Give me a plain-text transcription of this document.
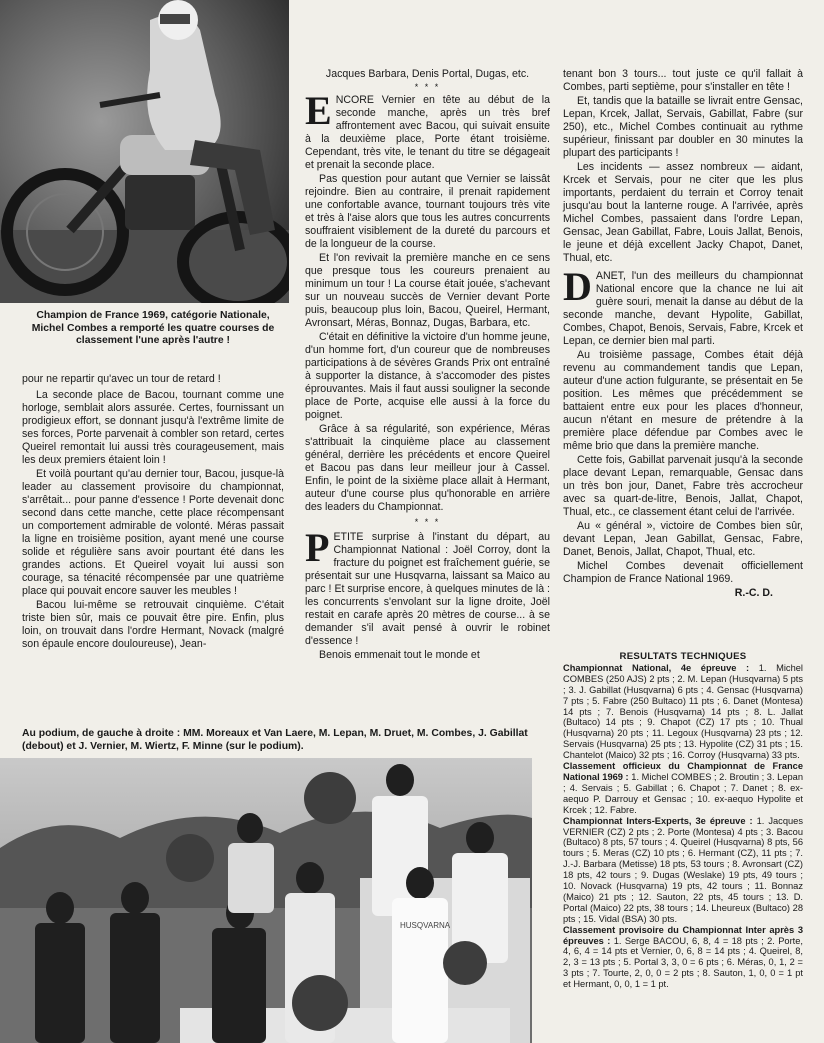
Champion de France 1969, catégorie Nationale, Michel Combes a remporté les quatre courses de classement l'une après l'autre !

pour ne repartir qu'avec un tour de retard !

La seconde place de Bacou, tournant comme une horloge, semblait alors assurée. Certes, fournissant un prodigieux effort, se donnant jusqu'à l'extrême limite de ses forces, Porte parvenait à combler son retard, certes Queirel remontait lui aussi très courageusement, mais les deux premiers étaient loin !

Et voilà pourtant qu'au dernier tour, Bacou, jusque-là leader au classement provisoire du championnat, s'arrêtait... pour panne d'essence ! Porte devenait donc second dans cette manche, cette place récompensant un comportement admirable de volonté. Méras passait la ligne en troisième position, ayant mené une course solide et régulière sans avoir pourtant été dans les grandes actions. Et Queirel voyait lui aussi son courage, sa ténacité récompensée par une quatrième place qui pouvait encore sauver les meubles !

Bacou lui-même se retrouvait cinquième. C'était triste bien sûr, mais ce pouvait être pire. Enfin, plus loin, on trouvait dans l'ordre Hermant, Novack (malgré son épaule encore douloureuse), Jean-

Jacques Barbara, Denis Portal, Dugas, etc.

* * *

E NCORE Vernier en tête au début de la seconde manche, après un très bref affrontement avec Bacou, qui suivait ensuite à la deuxième place, Porte étant troisième. Cependant, très vite, le tenant du titre se dégageait et prenait la seconde place.

Pas question pour autant que Vernier se laissât rejoindre. Bien au contraire, il prenait rapidement une confortable avance, tournant toujours très vite et très à l'aise alors que tous les autres concurrents souffraient visiblement de la dureté du parcours et de la longueur de la course.

Et l'on revivait la première manche en ce sens que presque tous les coureurs prenaient au minimum un tour ! La course était jouée, s'achevant sur un nouveau succès de Vernier devant Porte puis, beaucoup plus loin, Bacou, Queirel, Hermant, Avronsart, Méras, Bonnaz, Dugas, Barbara, etc.

C'était en définitive la victoire d'un homme jeune, d'un homme fort, d'un coureur que de nombreuses participations à de sévères Grands Prix ont entraîné à supporter la distance, à s'accomoder des pistes éprouvantes. Mais il faut aussi souligner la seconde place de Porte, acquise elle aussi à la force du poignet.

Grâce à sa régularité, son expérience, Méras s'attribuait la cinquième place au classement général, derrière les précédents et encore Queirel et Bacou pas dans leur meilleur jour à Cassel. Enfin, le point de la sixième place allait à Hermant, auteur d'une course plus qu'honorable en arrière des leaders du Championnat.

* * *

P ETITE surprise à l'instant du départ, au Championnat National : Joël Corroy, dont la fracture du poignet est fraîchement guérie, se présentait sur une Husqvarna, laissant sa Maico au parc ! Et surprise encore, à quelques minutes de là : les concurrents s'envolant sur la ligne droite, Joël restait en carafe après 20 mètres de course... à se demander s'il avait pensé à ouvrir le robinet d'essence !

Benois emmenait tout le monde et

tenant bon 3 tours... tout juste ce qu'il fallait à Combes, parti septième, pour s'installer en tête !

Et, tandis que la bataille se livrait entre Gensac, Lepan, Krcek, Jallat, Servais, Gabillat, Fabre (sur 250), etc., Michel Combes continuait au rythme supérieur, finissant par doubler en 30 minutes la plupart des participants !

Les incidents — assez nombreux — aidant, Krcek et Servais, pour ne citer que les plus importants, perdaient du terrain et Corroy tenait jusqu'au bout la lanterne rouge. A l'arrivée, après Michel Combes, passaient dans l'ordre Lepan, Gensac, Jean Gabillat, Fabre, Louis Jallat, Benois, le jeune et déjà excellent Jacky Chapot, Danet, Thual, etc.

D ANET, l'un des meilleurs du championnat National encore que la chance ne lui ait guère souri, menait la danse au début de la seconde manche, devant Hypolite, Gabillat, Combes, Chapot, Benois, Servais, Fabre, Krcek et Lepan, ce dernier bien mal parti.

Au troisième passage, Combes était déjà revenu au commandement tandis que Lepan, auteur d'une action fulgurante, se présentait en 5e position. Les mêmes que précédemment se battaient entre eux pour les places d'honneur, aucun n'étant en mesure de prétendre à la première place défendue par Combes avec le même brio que dans la première manche.

Cette fois, Gabillat parvenait jusqu'à la seconde place devant Lepan, remarquable, Gensac dans un très bon jour, Danet, Fabre très accrocheur avec sa quart-de-litre, Benois, Jallat, Chapot, Thual, etc., ce classement étant celui de l'arrivée.

Au « général », victoire de Combes bien sûr, devant Lepan, Jean Gabillat, Gensac, Fabre, Danet, Benois, Jallat, Chapot, Thual, etc.

Michel Combes devenait officiellement Champion de France National 1969.

R.-C. D.
RESULTATS TECHNIQUES

Championnat National, 4e épreuve : 1. Michel COMBES (250 AJS) 2 pts ; 2. M. Lepan (Husqvarna) 5 pts ; 3. J. Gabillat (Husqvarna) 6 pts ; 4. Gensac (Husqvarna) 7 pts ; 5. Fabre (250 Bultaco) 11 pts ; 6. Danet (Montesa) 14 pts ; 7. Benois (Husqvarna) 14 pts ; 8. L. Jallat (Bultaco) 14 pts ; 9. Chapot (CZ) 17 pts ; 10. Thual (Husqvarna) 20 pts ; 11. Legoux (Husqvarna) 23 pts ; 12. Servais (Husqvarna) 25 pts ; 13. Hypolite (CZ) 31 pts ; 15. Chantelot (Maico) 32 pts ; 16. Corroy (Husqvarna) 33 pts.

Classement officieux du Championnat de France National 1969 : 1. Michel COMBES ; 2. Broutin ; 3. Lepan ; 4. Servais ; 5. Gabillat ; 6. Chapot ; 7. Danet ; 8. ex-aequo P. Darrouy et Gensac ; 10. ex-aequo Hypolite et Krcek ; 12. Fabre.

Championnat Inters-Experts, 3e épreuve : 1. Jacques VERNIER (CZ) 2 pts ; 2. Porte (Montesa) 4 pts ; 3. Bacou (Bultaco) 8 pts, 57 tours ; 4. Queirel (Husqvarna) 8 pts, 56 tours ; 5. Meras (CZ) 10 pts ; 6. Hermant (CZ), 11 pts ; 7. J.-J. Barbara (Metisse) 18 pts, 53 tours ; 8. Avronsart (CZ) 18 pts, 42 tours ; 9. Dugas (Weslake) 19 pts, 49 tours ; 10. Novack (Husqvarna) 19 pts, 42 tours ; 11. Bonnaz (Maico) 21 pts ; 12. Sauton, 22 pts, 45 tours ; 13. D. Portal (Maico) 22 pts, 38 tours ; 14. Lheureux (Bultaco) 28 pts ; 15. Vidal (BSA) 30 pts.

Classement provisoire du Championnat Inter après 3 épreuves : 1. Serge BACOU, 6, 8, 4 = 18 pts ; 2. Porte, 4, 6, 4 = 14 pts et Vernier, 0, 6, 8 = 14 pts ; 4. Queirel, 8, 2, 3 = 13 pts ; 5. Portal 3, 3, 0 = 6 pts ; 6. Méras, 0, 1, 2 = 3 pts ; 7. Tourte, 2, 0, 0 = 2 pts ; 8. Sauton, 1, 0, 0 = 1 pt et Hermant, 0, 0, 1 = 1 pt.

Au podium, de gauche à droite : MM. Moreaux et Van Laere, M. Lepan, M. Druet, M. Combes, J. Gabillat (debout) et J. Vernier, M. Wiertz, F. Minne (sur le podium).
HUSQVARNA
